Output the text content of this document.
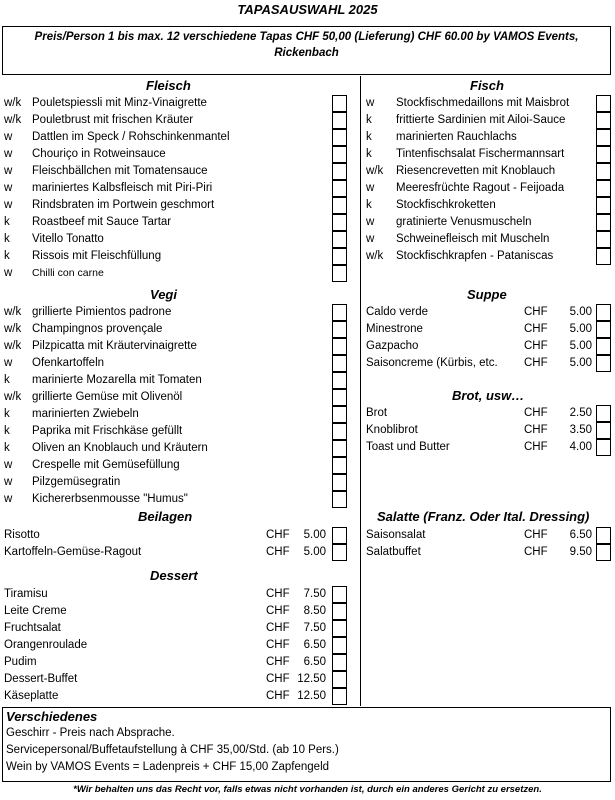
TAPASAUSWAHL 2025
Preis/Person 1 bis max. 12 verschiedene Tapas CHF 50,00 (Lieferung) CHF 60.00 by VAMOS Events,
Rickenbach
Fleisch	Fisch
Vegi	Suppe
Brot, usw…
Beilagen	Salatte (Franz. Oder Ital. Dressing)
Dessert
w/k Pouletspiessli mit Minz-Vinaigrette
w/k Pouletbrust mit frischen Kräuter
w Dattlen im Speck / Rohschinkenmantel
w Chouriço in Rotweinsauce
w Fleischbällchen mit Tomatensauce
w mariniertes Kalbsfleisch mit Piri-Piri
w Rindsbraten im Portwein geschmort
k Roastbeef mit Sauce Tartar
k Vitello Tonatto
k Rissois mit Fleischfüllung
w Chilli con carne
w Stockfischmedaillons mit Maisbrot
k frittierte Sardinien mit Ailoi-Sauce
k marinierten Rauchlachs
k Tintenfischsalat Fischermannsart
w/k Riesencrevetten mit Knoblauch
w Meeresfrüchte Ragout - Feijoada
k Stockfischkroketten
w gratinierte Venusmuscheln
w Schweinefleisch mit Muscheln
w/k Stockfischkrapfen - Pataniscas
w/k grillierte Pimientos padrone
w/k Champingnos provençale
w/k Pilzpicatta mit Kräutervinaigrette
w Ofenkartoffeln
k marinierte Mozarella mit Tomaten
w/k grillierte Gemüse mit Olivenöl
k marinierten Zwiebeln
k Paprika mit Frischkäse gefüllt
k Oliven an Knoblauch und Kräutern
w Crespelle mit Gemüsefüllung
w Pilzgemüsegratin
w Kichererbsenmousse "Humus"
Caldo verde	CHF	5.00
Minestrone	CHF	5.00
Gazpacho	CHF	5.00
Saisoncreme (Kürbis, etc. CHF	5.00
Brot	CHF	2.50
Knoblibrot	CHF	3.50
Toast und Butter	CHF	4.00
Risotto	CHF	5.00
Kartoffeln-Gemüse-Ragout	CHF	5.00
Saisonsalat	CHF	6.50
Salatbuffet	CHF	9.50
Tiramisu	CHF	7.50
Leite Creme	CHF	8.50
Fruchtsalat	CHF	7.50
Orangenroulade	CHF	6.50
Pudim	CHF	6.50
Dessert-Buffet	CHF 12.50
Käseplatte	CHF 12.50
Verschiedenes
Geschirr - Preis nach Absprache.
Servicepersonal/Buffetaufstellung à CHF 35,00/Std. (ab 10 Pers.)
Wein by VAMOS Events = Ladenpreis + CHF 15,00 Zapfengeld
*Wir behalten uns das Recht vor, falls etwas nicht vorhanden ist, durch ein anderes Gericht zu ersetzen.
